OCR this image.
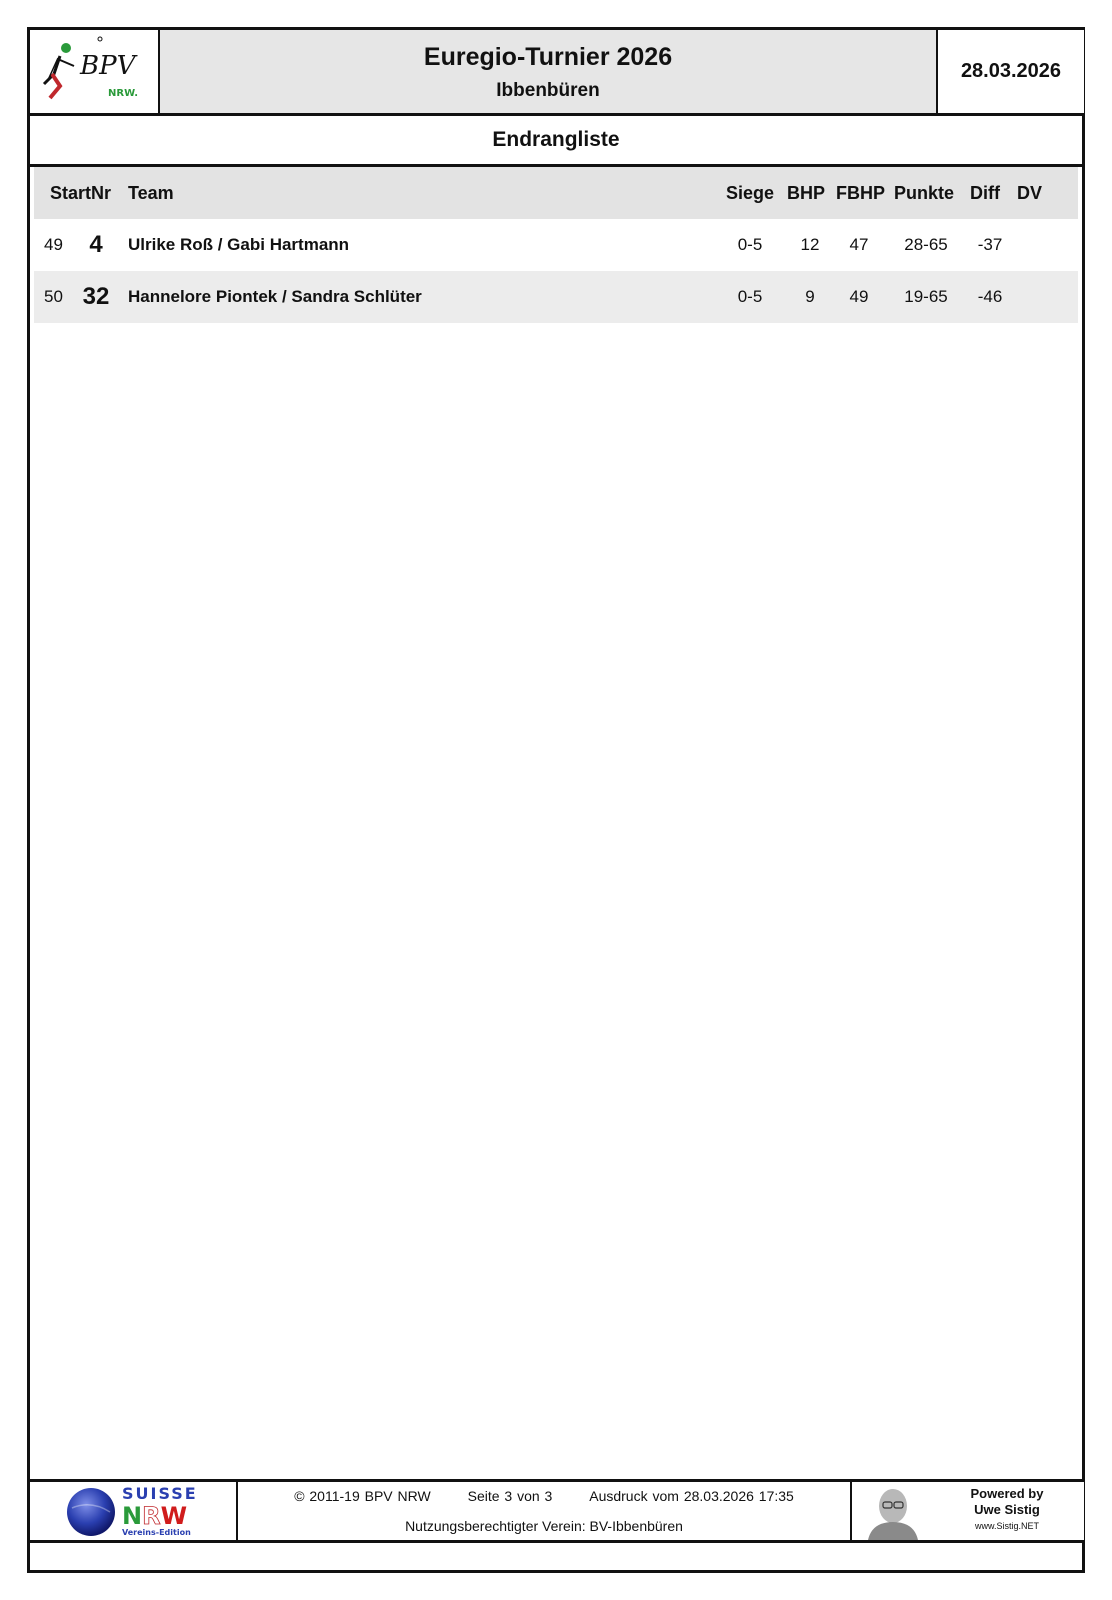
BPV
NRW.
Euregio-Turnier 2026
Ibbenbüren
28.03.2026
Endrangliste
StartNr Team	Siege BHP FBHP Punkte Diff DV
49	4	Ulrike Roß / Gabi Hartmann	0-5	12	47	28-65	-37
50 32 Hannelore Piontek / Sandra Schlüter	0-5	9	49	19-65	-46
SUISSE
NRW
Vereins-Edition
© 2011-19 BPV NRW	Seite 3 von 3	Ausdruck vom 28.03.2026 17:35
Nutzungsberechtigter Verein: BV-Ibbenbüren
Powered by
Uwe Sistig
www.Sistig.NET
